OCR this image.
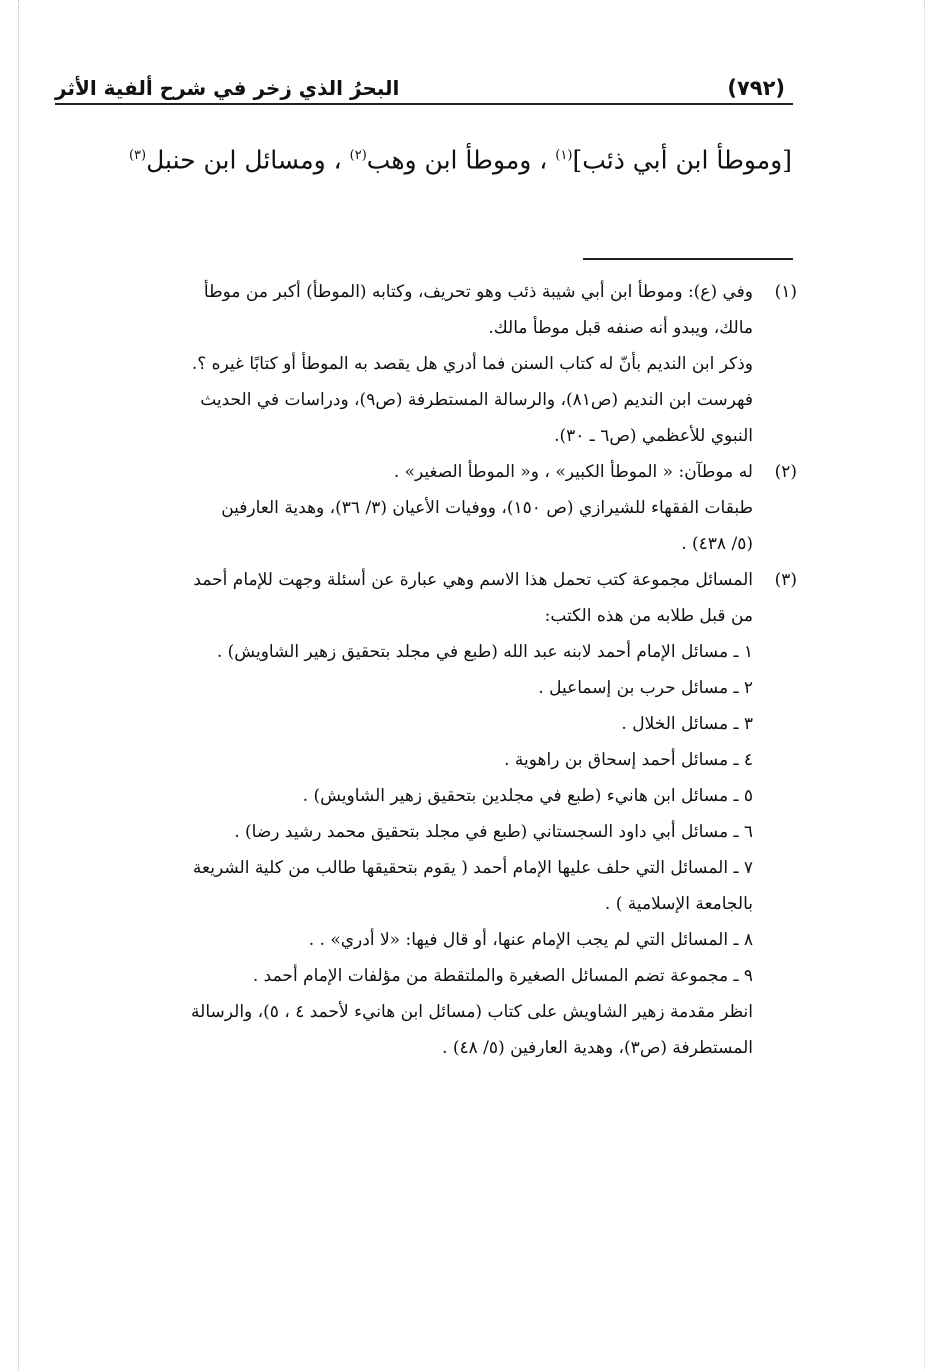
(٧٩٢)
البحرُ الذي زخر في شرح ألفية الأثر
[وموطأ ابن أبي ذئب]$^{(١)}$ ، وموطأ ابن وهب$^{(٢)}$ ، ومسائل ابن حنبل$^{(٣)}$
(١)وفي (ع): وموطأ ابن أبي شيبة ذئب وهو تحريف، وكتابه (الموطأ) أكبر من موطأ
مالك، ويبدو أنه صنفه قبل موطأ مالك.
وذكر ابن النديم بأنّ له كتاب السنن فما أدري هل يقصد به الموطأ أو كتابًا غيره ؟.
فهرست ابن النديم (ص٨١)، والرسالة المستطرفة (ص٩)، ودراسات في الحديث
النبوي للأعظمي (ص٦ ـ ٣٠).
(٢)له موطآن: « الموطأ الكبير» ، و« الموطأ الصغير» .
طبقات الفقهاء للشيرازي (ص ١٥٠)، ووفيات الأعيان (٣/ ٣٦)، وهدية العارفين
(٥/ ٤٣٨) .
(٣)المسائل مجموعة كتب تحمل هذا الاسم وهي عبارة عن أسئلة وجهت للإمام أحمد
من قبل طلابه من هذه الكتب:
١ ـ مسائل الإمام أحمد لابنه عبد الله (طبع في مجلد بتحقيق زهير الشاويش) .
٢ ـ مسائل حرب بن إسماعيل .
٣ ـ مسائل الخلال .
٤ ـ مسائل أحمد إسحاق بن راهوية .
٥ ـ مسائل ابن هانيء (طبع في مجلدين بتحقيق زهير الشاويش) .
٦ ـ مسائل أبي داود السجستاني (طبع في مجلد بتحقيق محمد رشيد رضا) .
٧ ـ المسائل التي حلف عليها الإمام أحمد ( يقوم بتحقيقها طالب من كلية الشريعة
بالجامعة الإسلامية ) .
٨ ـ المسائل التي لم يجب الإمام عنها، أو قال فيها: «لا أدري» . .
٩ ـ مجموعة تضم المسائل الصغيرة والملتقطة من مؤلفات الإمام أحمد .
انظر مقدمة زهير الشاويش على كتاب (مسائل ابن هانيء لأحمد ٤ ، ٥)، والرسالة
المستطرفة (ص٣)، وهدية العارفين (٥/ ٤٨) .
